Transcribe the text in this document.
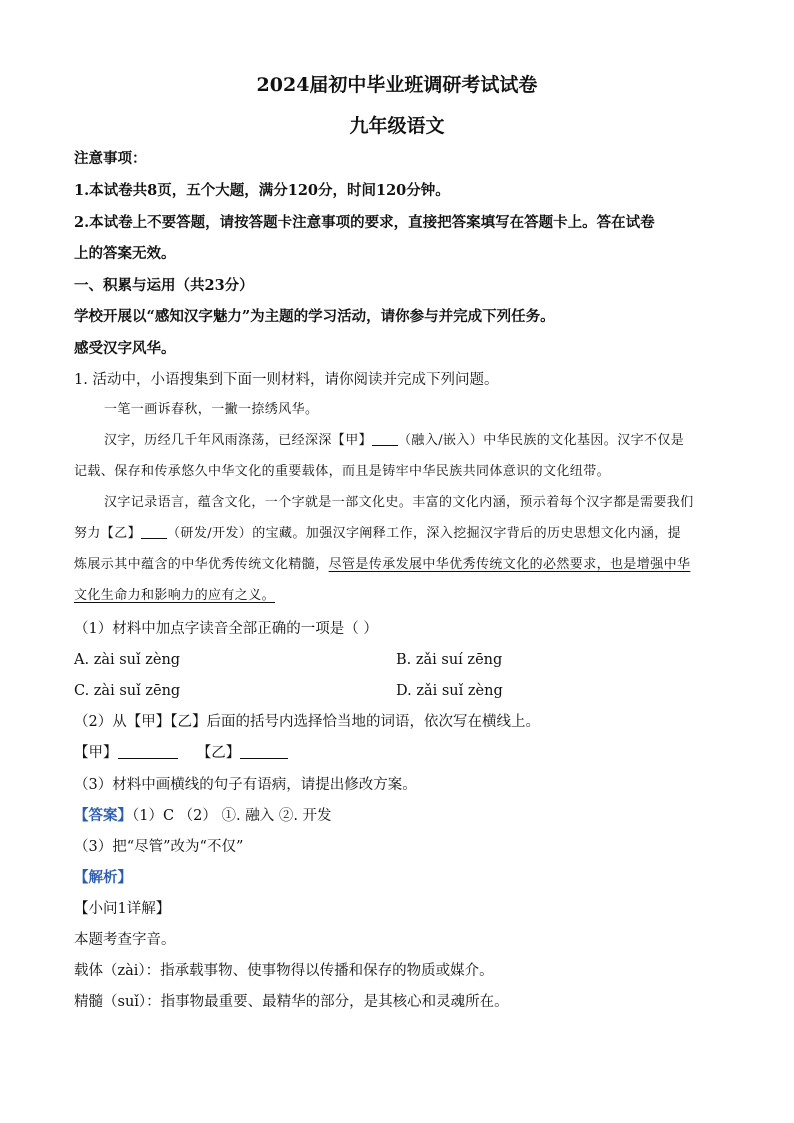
2024届初中毕业班调研考试试卷
九年级语文
注意事项：
1.本试卷共8页，五个大题，满分120分，时间120分钟。
2.本试卷上不要答题，请按答题卡注意事项的要求，直接把答案填写在答题卡上。答在试卷
上的答案无效。
一、积累与运用（共23分）
学校开展以“感知汉字魅力”为主题的学习活动，请你参与并完成下列任务。
感受汉字风华。
1. 活动中，小语搜集到下面一则材料，请你阅读并完成下列问题。
一笔一画诉春秋，一撇一捺绣风华。
汉字，历经几千年风雨涤荡，已经深深【甲】 （融入/嵌入）中华民族的文化基因。汉字不仅是
记载、保存和传承悠久中华文化的重要载体，而且是铸牢中华民族共同体意识的文化纽带。
汉字记录语言，蕴含文化，一个字就是一部文化史。丰富的文化内涵，预示着每个汉字都是需要我们
努力【乙】 （研发/开发）的宝藏。加强汉字阐释工作，深入挖掘汉字背后的历史思想文化内涵，提
炼展示其中蕴含的中华优秀传统文化精髓，尽管是传承发展中华优秀传统文化的必然要求，也是增强中华
文化生命力和影响力的应有之义。
（1）材料中加点字读音全部正确的一项是（ ）
A. zài suǐ zèng	B. zǎi suí zēng
C. zài suǐ zēng	D. zǎi suǐ zèng
（2）从【甲】【乙】后面的括号内选择恰当地的词语，依次写在横线上。
【甲】	【乙】
（3）材料中画横线的句子有语病，请提出修改方案。
【答案】（1）C （2） ①. 融入 ②. 开发
（3）把“尽管”改为“不仅”
【解析】
【小问1详解】
本题考查字音。
载体（zài）：指承载事物、使事物得以传播和保存的物质或媒介。
精髓（suǐ）：指事物最重要、最精华的部分，是其核心和灵魂所在。
